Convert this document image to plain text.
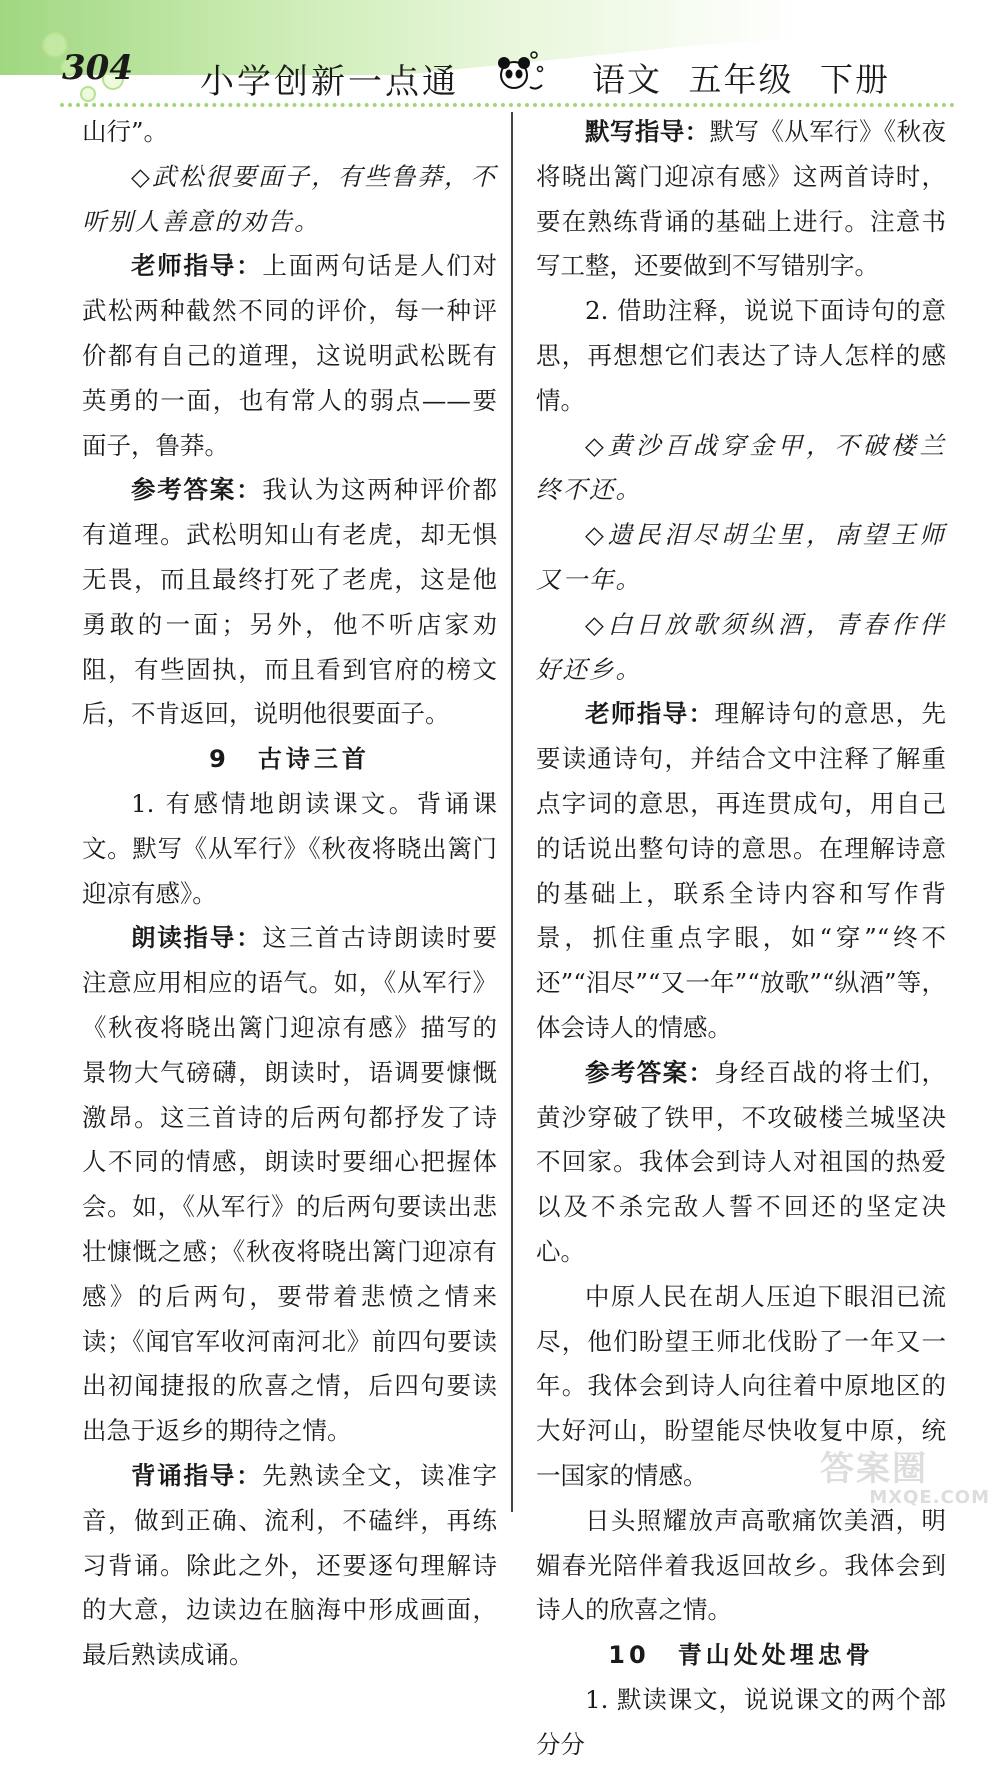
304 小学创新一点通	语文 五年级 下册

山行”。

◇武松很要面子，有些鲁莽，不听别人善意的劝告。

老师指导：上面两句话是人们对武松两种截然不同的评价，每一种评价都有自己的道理，这说明武松既有英勇的一面，也有常人的弱点——要面子，鲁莽。

参考答案：我认为这两种评价都有道理。武松明知山有老虎，却无惧无畏，而且最终打死了老虎，这是他勇敢的一面；另外，他不听店家劝阻，有些固执，而且看到官府的榜文后，不肯返回，说明他很要面子。

9　古诗三首

1. 有感情地朗读课文。背诵课文。默写《从军行》《秋夜将晓出篱门迎凉有感》。

朗读指导：这三首古诗朗读时要注意应用相应的语气。如，《从军行》《秋夜将晓出篱门迎凉有感》描写的景物大气磅礴，朗读时，语调要慷慨激昂。这三首诗的后两句都抒发了诗人不同的情感，朗读时要细心把握体会。如，《从军行》的后两句要读出悲壮慷慨之感；《秋夜将晓出篱门迎凉有感》的后两句，要带着悲愤之情来读；《闻官军收河南河北》前四句要读出初闻捷报的欣喜之情，后四句要读出急于返乡的期待之情。

背诵指导：先熟读全文，读准字音，做到正确、流利，不磕绊，再练习背诵。除此之外，还要逐句理解诗的大意，边读边在脑海中形成画面，最后熟读成诵。

默写指导：默写《从军行》《秋夜将晓出篱门迎凉有感》这两首诗时，要在熟练背诵的基础上进行。注意书写工整，还要做到不写错别字。

2. 借助注释，说说下面诗句的意思，再想想它们表达了诗人怎样的感情。

◇黄沙百战穿金甲，不破楼兰终不还。

◇遗民泪尽胡尘里，南望王师又一年。

◇白日放歌须纵酒，青春作伴好还乡。

老师指导：理解诗句的意思，先要读通诗句，并结合文中注释了解重点字词的意思，再连贯成句，用自己的话说出整句诗的意思。在理解诗意的基础上，联系全诗内容和写作背景，抓住重点字眼，如“穿”“终不还”“泪尽”“又一年”“放歌”“纵酒”等，体会诗人的情感。

参考答案：身经百战的将士们，黄沙穿破了铁甲，不攻破楼兰城坚决不回家。我体会到诗人对祖国的热爱以及不杀完敌人誓不回还的坚定决心。

中原人民在胡人压迫下眼泪已流尽，他们盼望王师北伐盼了一年又一年。我体会到诗人向往着中原地区的大好河山，盼望能尽快收复中原，统一国家的情感。

日头照耀放声高歌痛饮美酒，明媚春光陪伴着我返回故乡。我体会到诗人的欣喜之情。

10　青山处处埋忠骨

1. 默读课文，说说课文的两个部分分

答案圈
MXQE.COM
